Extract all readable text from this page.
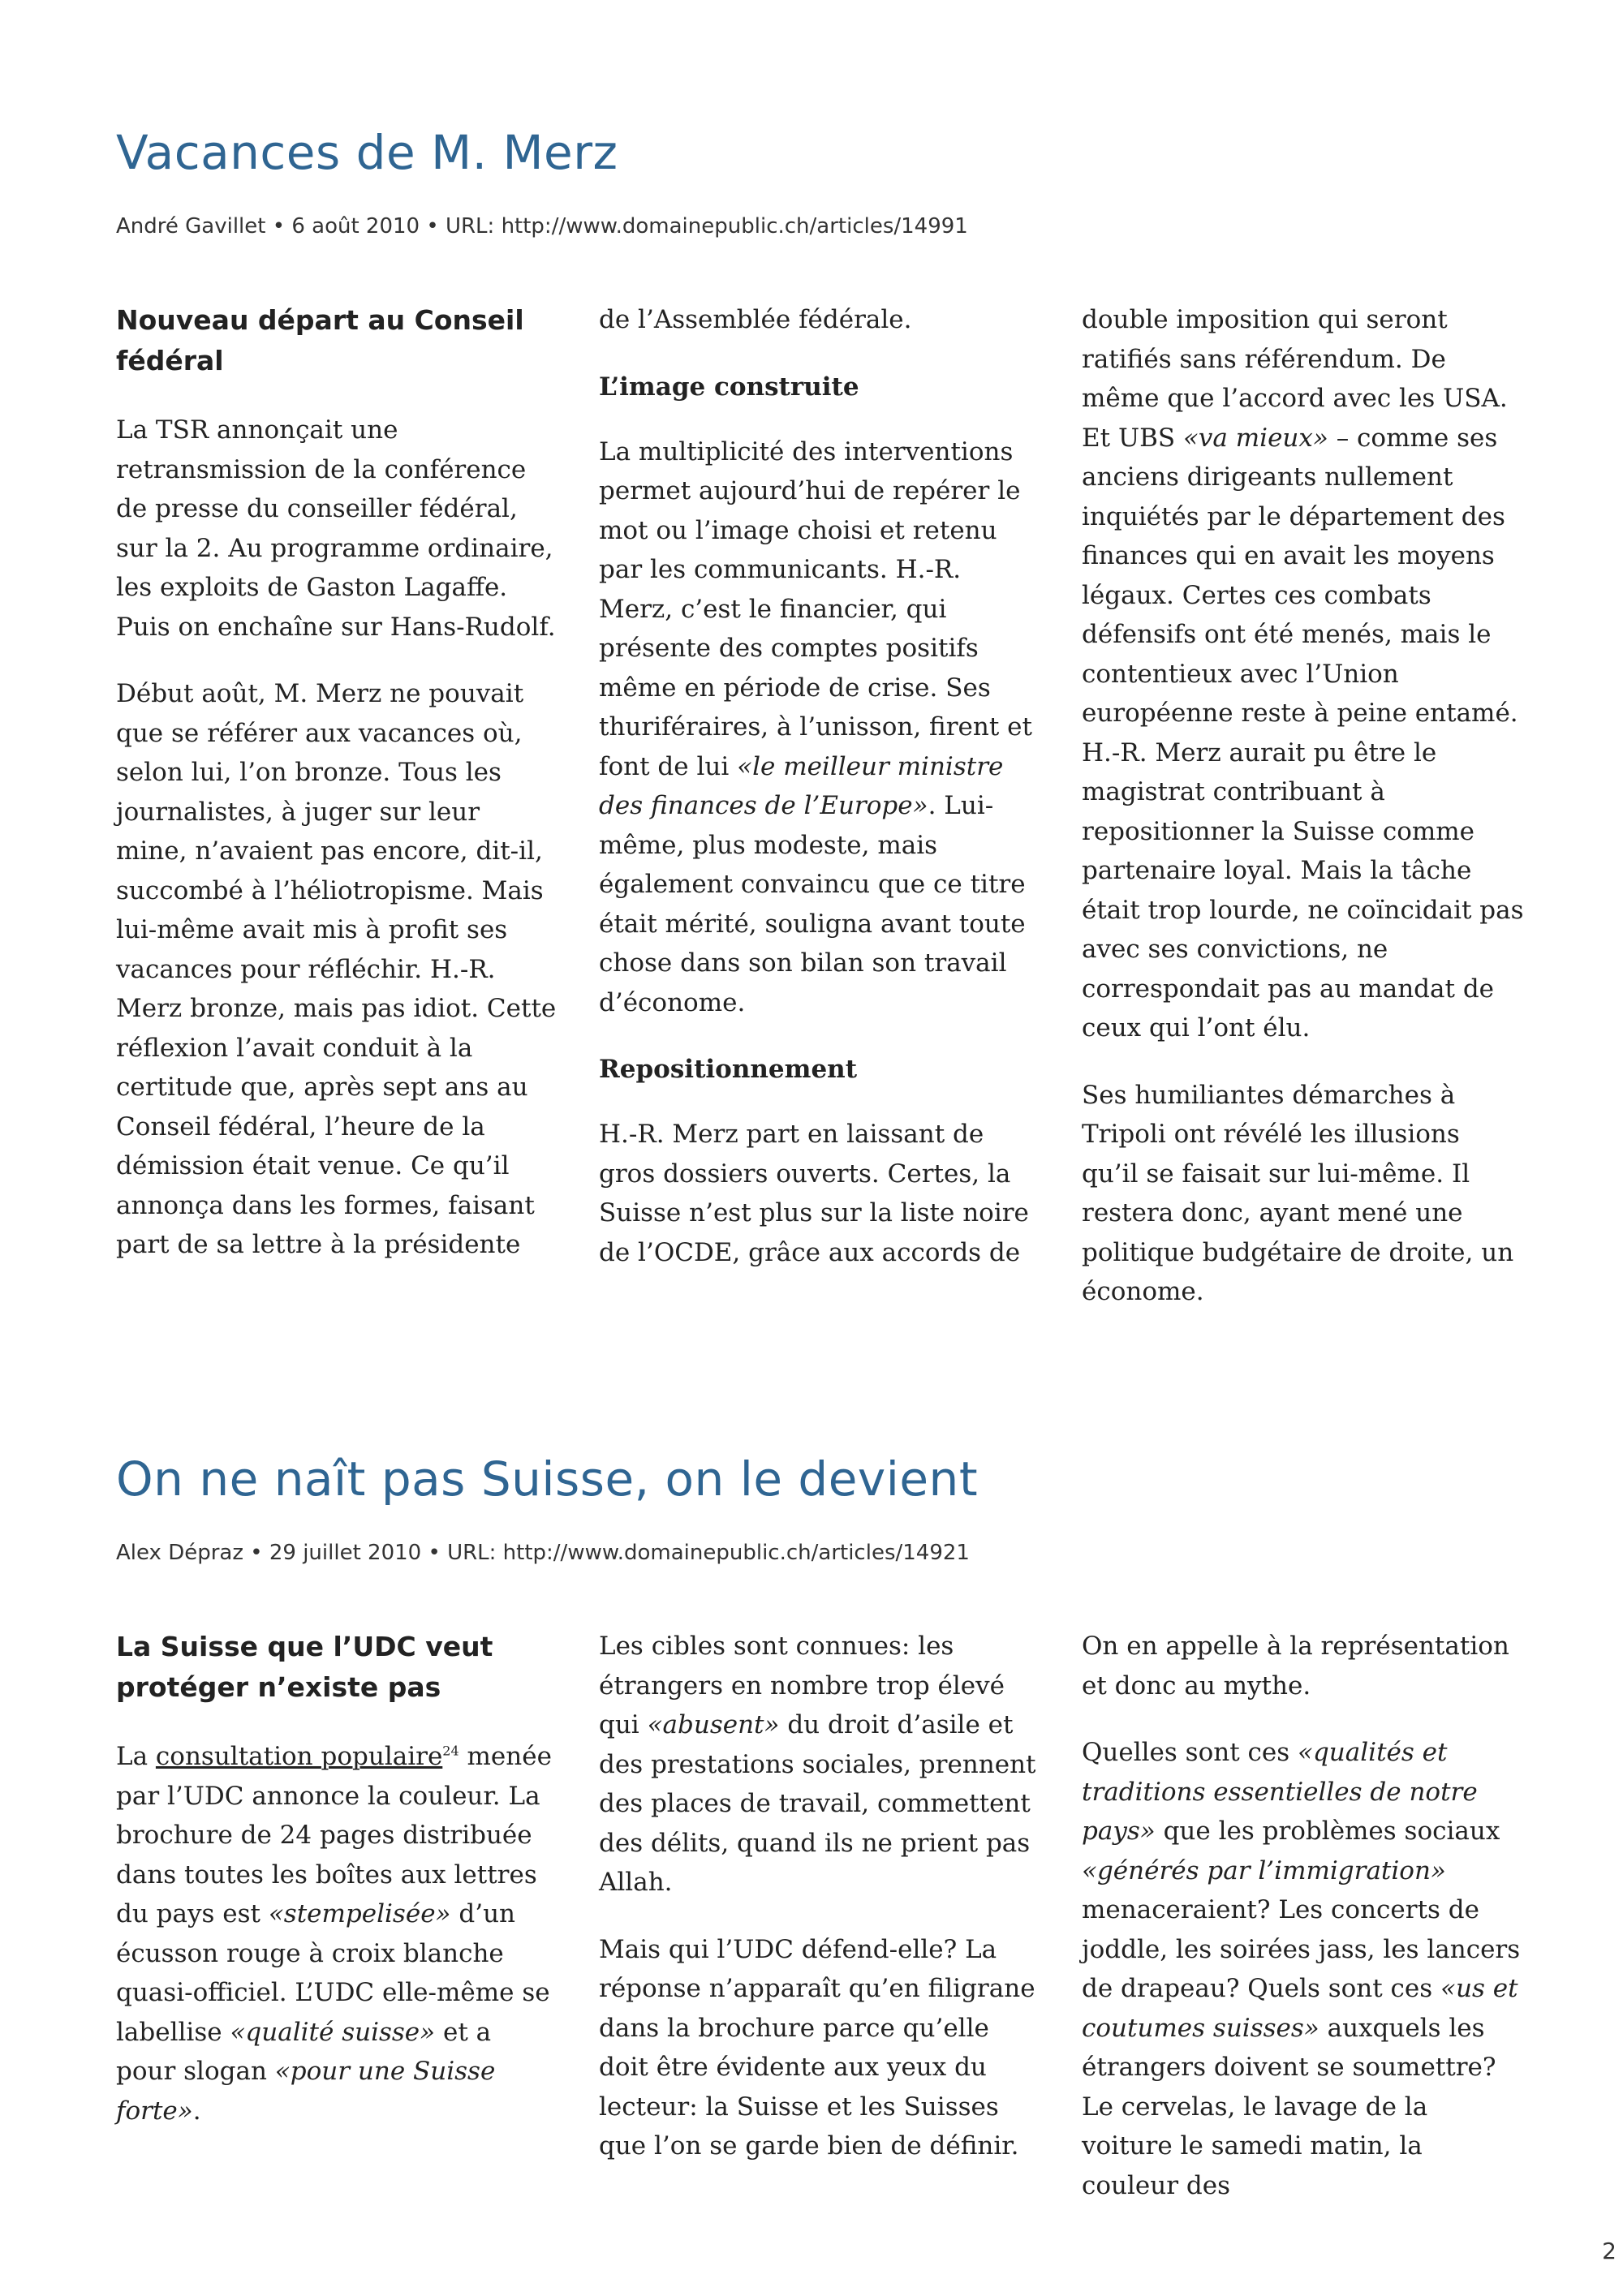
Vacances de M. Merz
André Gavillet • 6 août 2010 • URL: http://www.domainepublic.ch/articles/14991
Nouveau départ au Conseil fédéral

La TSR annonçait une retransmission de la conférence de presse du conseiller fédéral, sur la 2. Au programme ordinaire, les exploits de Gaston Lagaffe. Puis on enchaîne sur Hans-Rudolf.

Début août, M. Merz ne pouvait que se référer aux vacances où, selon lui, l’on bronze. Tous les journalistes, à juger sur leur mine, n’avaient pas encore, dit-il, succombé à l’héliotropisme. Mais lui-même avait mis à profit ses vacances pour réfléchir. H.-R. Merz bronze, mais pas idiot. Cette réflexion l’avait conduit à la certitude que, après sept ans au Conseil fédéral, l’heure de la démission était venue. Ce qu’il annonça dans les formes, faisant part de sa lettre à la présidente

de l’Assemblée fédérale.

L’image construite

La multiplicité des interventions permet aujourd’hui de repérer le mot ou l’image choisi et retenu par les communicants. H.-R. Merz, c’est le financier, qui présente des comptes positifs même en période de crise. Ses thuriféraires, à l’unisson, firent et font de lui «le meilleur ministre des finances de l’Europe». Lui-même, plus modeste, mais également convaincu que ce titre était mérité, souligna avant toute chose dans son bilan son travail d’économe.

Repositionnement

H.-R. Merz part en laissant de gros dossiers ouverts. Certes, la Suisse n’est plus sur la liste noire de l’OCDE, grâce aux accords de

double imposition qui seront ratifiés sans référendum. De même que l’accord avec les USA. Et UBS «va mieux» – comme ses anciens dirigeants nullement inquiétés par le département des finances qui en avait les moyens légaux. Certes ces combats défensifs ont été menés, mais le contentieux avec l’Union européenne reste à peine entamé. H.-R. Merz aurait pu être le magistrat contribuant à repositionner la Suisse comme partenaire loyal. Mais la tâche était trop lourde, ne coïncidait pas avec ses convictions, ne correspondait pas au mandat de ceux qui l’ont élu.

Ses humiliantes démarches à Tripoli ont révélé les illusions qu’il se faisait sur lui-même. Il restera donc, ayant mené une politique budgétaire de droite, un économe.

On ne naît pas Suisse, on le devient
Alex Dépraz • 29 juillet 2010 • URL: http://www.domainepublic.ch/articles/14921
La Suisse que l’UDC veut protéger n’existe pas

La consultation populaire$^{24}$ menée par l’UDC annonce la couleur. La brochure de 24 pages distribuée dans toutes les boîtes aux lettres du pays est «stempelisée» d’un écusson rouge à croix blanche quasi-officiel. L’UDC elle-même se labellise «qualité suisse» et a pour slogan «pour une Suisse forte».

Les cibles sont connues: les étrangers en nombre trop élevé qui «abusent» du droit d’asile et des prestations sociales, prennent des places de travail, commettent des délits, quand ils ne prient pas Allah.

Mais qui l’UDC défend-elle? La réponse n’apparaît qu’en filigrane dans la brochure parce qu’elle doit être évidente aux yeux du lecteur: la Suisse et les Suisses que l’on se garde bien de définir.

On en appelle à la représentation et donc au mythe.

Quelles sont ces «qualités et traditions essentielles de notre pays» que les problèmes sociaux «générés par l’immigration» menaceraient? Les concerts de joddle, les soirées jass, les lancers de drapeau? Quels sont ces «us et coutumes suisses» auxquels les étrangers doivent se soumettre? Le cervelas, le lavage de la voiture le samedi matin, la couleur des

2
